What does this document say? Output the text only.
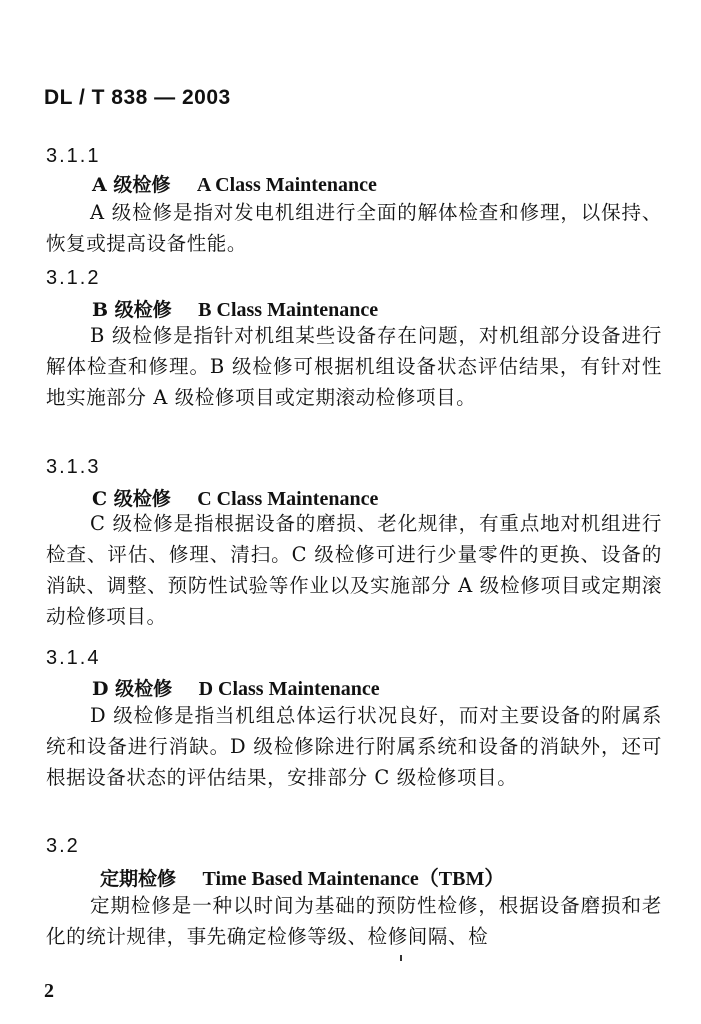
DL / T 838 — 2003
3.1.1
A 级检修 A Class Maintenance
A 级检修是指对发电机组进行全面的解体检查和修理，以保持、恢复或提高设备性能。
3.1.2
B 级检修 B Class Maintenance
B 级检修是指针对机组某些设备存在问题，对机组部分设备进行解体检查和修理。B 级检修可根据机组设备状态评估结果，有针对性地实施部分 A 级检修项目或定期滚动检修项目。
3.1.3
C 级检修 C Class Maintenance
C 级检修是指根据设备的磨损、老化规律，有重点地对机组进行检查、评估、修理、清扫。C 级检修可进行少量零件的更换、设备的消缺、调整、预防性试验等作业以及实施部分 A 级检修项目或定期滚动检修项目。
3.1.4
D 级检修 D Class Maintenance
D 级检修是指当机组总体运行状况良好，而对主要设备的附属系统和设备进行消缺。D 级检修除进行附属系统和设备的消缺外，还可根据设备状态的评估结果，安排部分 C 级检修项目。
3.2
定期检修 Time Based Maintenance（TBM）
定期检修是一种以时间为基础的预防性检修，根据设备磨损和老化的统计规律，事先确定检修等级、检修间隔、检
2
